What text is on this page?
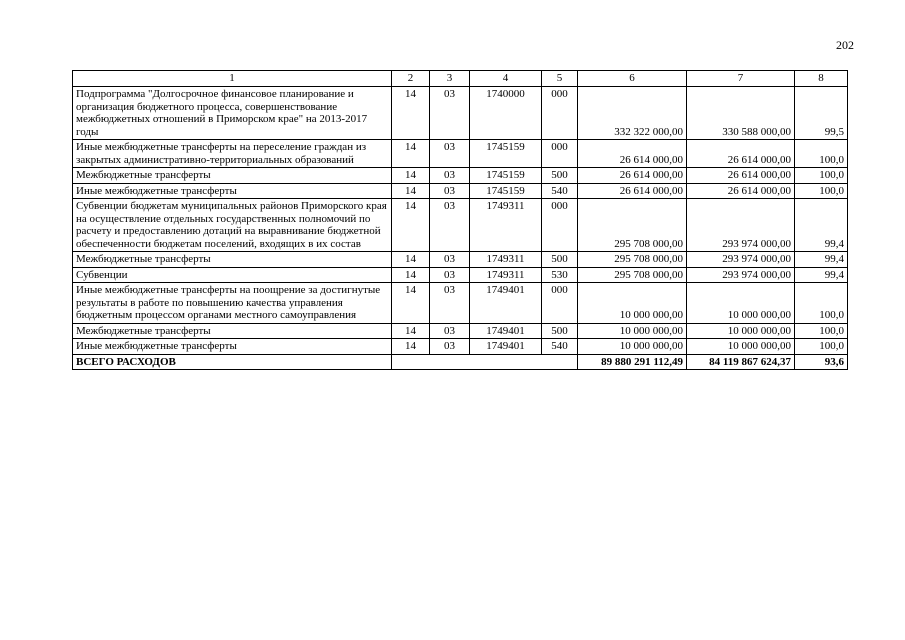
202
1	2	3	4	5	6	7	8
Подпрограмма "Долгосрочное финансовое планирование и организация бюджетного процесса, совершенствование межбюджетных отношений в Приморском крае" на 2013-2017 годы	14	03	1740000	000	332 322 000,00	330 588 000,00	99,5
Иные межбюджетные трансферты на переселение граждан из закрытых административно-территориальных образований	14	03	1745159	000	26 614 000,00	26 614 000,00	100,0
Межбюджетные трансферты	14	03	1745159	500	26 614 000,00	26 614 000,00	100,0
Иные межбюджетные трансферты	14	03	1745159	540	26 614 000,00	26 614 000,00	100,0
Субвенции бюджетам муниципальных районов Приморского края на осуществление отдельных государственных полномочий по расчету и предоставлению дотаций на выравнивание бюджетной обеспеченности бюджетам поселений, входящих в их состав	14	03	1749311	000	295 708 000,00	293 974 000,00	99,4
Межбюджетные трансферты	14	03	1749311	500	295 708 000,00	293 974 000,00	99,4
Субвенции	14	03	1749311	530	295 708 000,00	293 974 000,00	99,4
Иные межбюджетные трансферты на поощрение за достигнутые результаты в работе по повышению качества управления бюджетным процессом органами местного самоуправления	14	03	1749401	000	10 000 000,00	10 000 000,00	100,0
Межбюджетные трансферты	14	03	1749401	500	10 000 000,00	10 000 000,00	100,0
Иные межбюджетные трансферты	14	03	1749401	540	10 000 000,00	10 000 000,00	100,0
ВСЕГО РАСХОДОВ					89 880 291 112,49	84 119 867 624,37	93,6
